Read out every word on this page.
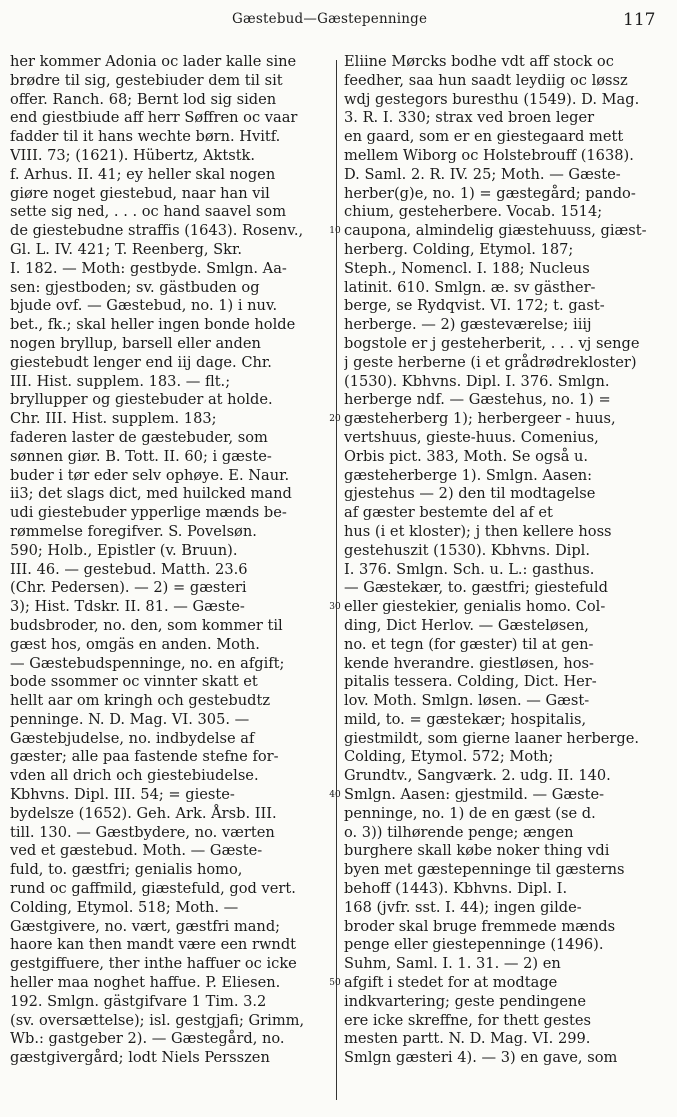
Gæstebud—Gæstepenninge	117
her kommer Adonia oc lader kalle sine
brødre til sig, gestebiuder dem til sit
offer. Ranch. 68; Bernt lod sig siden
end giestbiude aff herr Søffren oc vaar
fadder til it hans wechte børn. Hvitf.
VIII. 73; (1621). Hübertz, Aktstk.
f. Arhus. II. 41; ey heller skal nogen
giøre noget giestebud, naar han vil
sette sig ned, . . . oc hand saavel som
de giestebudne straffis (1643). Rosenv.,
Gl. L. IV. 421; T. Reenberg, Skr.
I. 182. — Moth: gestbyde. Smlgn. Aa-
sen: gjestboden; sv. gästbuden og
bjude ovf. — Gæstebud, no. 1) i nuv.
bet., fk.; skal heller ingen bonde holde
nogen bryllup, barsell eller anden
giestebudt lenger end iij dage. Chr.
III. Hist. supplem. 183. — flt.;
bryllupper og giestebuder at holde.
Chr. III. Hist. supplem. 183;
faderen laster de gæstebuder, som
sønnen giør. B. Tott. II. 60; i gæste-
buder i tør eder selv ophøye. E. Naur.
ii3; det slags dict, med huilcked mand
udi giestebuder ypperlige mænds be-
rømmelse foregifver. S. Povelsøn.
590; Holb., Epistler (v. Bruun).
III. 46. — gestebud. Matth. 23.6
(Chr. Pedersen). — 2) = gæsteri
3); Hist. Tdskr. II. 81. — Gæste-
budsbroder, no. den, som kommer til
gæst hos, omgäs en anden. Moth.
— Gæstebudspenninge, no. en afgift;
bode ssommer oc vinnter skatt et
hellt aar om kringh och gestebudtz
penninge. N. D. Mag. VI. 305. —
Gæstebjudelse, no. indbydelse af
gæster; alle paa fastende stefne for-
vden all drich och giestebiudelse.
Kbhvns. Dipl. III. 54; = gieste-
bydelsze (1652). Geh. Ark. Årsb. III.
till. 130. — Gæstbydere, no. værten
ved et gæstebud. Moth. — Gæste-
fuld, to. gæstfri; genialis homo,
rund oc gaffmild, giæstefuld, god vert.
Colding, Etymol. 518; Moth. —
Gæstgivere, no. vært, gæstfri mand;
haore kan then mandt være een rwndt
gestgiffuere, ther inthe haffuer oc icke
heller maa noghet haffue. P. Eliesen.
192. Smlgn. gästgifvare 1 Tim. 3.2
(sv. oversættelse); isl. gestgjafi; Grimm,
Wb.: gastgeber 2). — Gæstegård, no.
gæstgivergård; lodt Niels Persszen
Eliine Mørcks bodhe vdt aff stock oc
feedher, saa hun saadt leydiig oc løssz
wdj gestegors buresthu (1549). D. Mag.
3. R. I. 330; strax ved broen leger
en gaard, som er en giestegaard mett
mellem Wiborg oc Holstebrouff (1638).
D. Saml. 2. R. IV. 25; Moth. — Gæste-
herber(g)e, no. 1) = gæstegård; pando-
chium, gesteherbere. Vocab. 1514;
caupona, almindelig giæstehuuss, giæst-
herberg. Colding, Etymol. 187;
Steph., Nomencl. I. 188; Nucleus
latinit. 610. Smlgn. æ. sv gästher-
berge, se Rydqvist. VI. 172; t. gast-
herberge. — 2) gæsteværelse; iiij
bogstole er j gesteherberit, . . . vj senge
j geste herberne (i et grådrødrekloster)
(1530). Kbhvns. Dipl. I. 376. Smlgn.
herberge ndf. — Gæstehus, no. 1) =
gæsteherberg 1); herbergeer - huus,
vertshuus, gieste-huus. Comenius,
Orbis pict. 383, Moth. Se også u.
gæsteherberge 1). Smlgn. Aasen:
gjestehus — 2) den til modtagelse
af gæster bestemte del af et
hus (i et kloster); j then kellere hoss
gestehuszit (1530). Kbhvns. Dipl.
I. 376. Smlgn. Sch. u. L.: gasthus.
— Gæstekær, to. gæstfri; giestefuld
eller giestekier, genialis homo. Col-
ding, Dict Herlov. — Gæsteløsen,
no. et tegn (for gæster) til at gen-
kende hverandre. giestløsen, hos-
pitalis tessera. Colding, Dict. Her-
lov. Moth. Smlgn. løsen. — Gæst-
mild, to. = gæstekær; hospitalis,
giestmildt, som gierne laaner herberge.
Colding, Etymol. 572; Moth;
Grundtv., Sangværk. 2. udg. II. 140.
Smlgn. Aasen: gjestmild. — Gæste-
penninge, no. 1) de en gæst (se d.
o. 3)) tilhørende penge; ængen
burghere skall købe noker thing vdi
byen met gæstepenninge til gæsterns
behoff (1443). Kbhvns. Dipl. I.
168 (jvfr. sst. I. 44); ingen gilde-
broder skal bruge fremmede mænds
penge eller giestepenninge (1496).
Suhm, Saml. I. 1. 31. — 2) en
afgift i stedet for at modtage
indkvartering; geste pendingene
ere icke skreffne, for thett gestes
mesten partt. N. D. Mag. VI. 299.
Smlgn gæsteri 4). — 3) en gave, som
10
20
30
40
50
